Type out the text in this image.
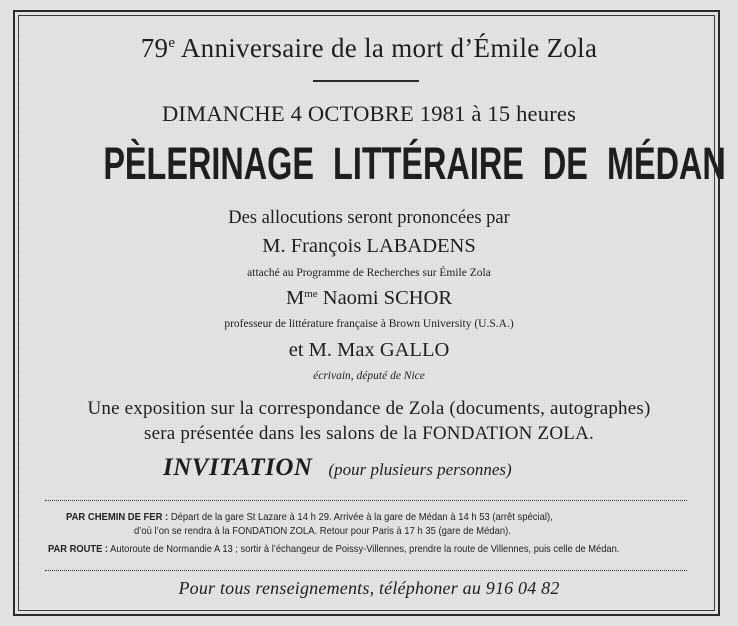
79e Anniversaire de la mort d’Émile Zola
DIMANCHE 4 OCTOBRE 1981 à 15 heures
PÈLERINAGE LITTÉRAIRE DE MÉDAN
Des allocutions seront prononcées par
M. François LABADENS
attaché au Programme de Recherches sur Émile Zola
$M^{me}$ Naomi SCHOR
professeur de littérature française à Brown University (U.S.A.)
et M. Max GALLO
écrivain, député de Nice
Une exposition sur la correspondance de Zola (documents, autographes)
sera présentée dans les salons de la FONDATION ZOLA.
INVITATION (pour plusieurs personnes)
PAR CHEMIN DE FER : Départ de la gare St Lazare à 14 h 29. Arrivée à la gare de Médan à 14 h 53 (arrêt spécial),
d’où l’on se rendra à la FONDATION ZOLA. Retour pour Paris à 17 h 35 (gare de Médan).
PAR ROUTE : Autoroute de Normandie A 13 ; sortir à l’échangeur de Poissy-Villennes, prendre la route de Villennes, puis celle de Médan.
Pour tous renseignements, téléphoner au 916 04 82
